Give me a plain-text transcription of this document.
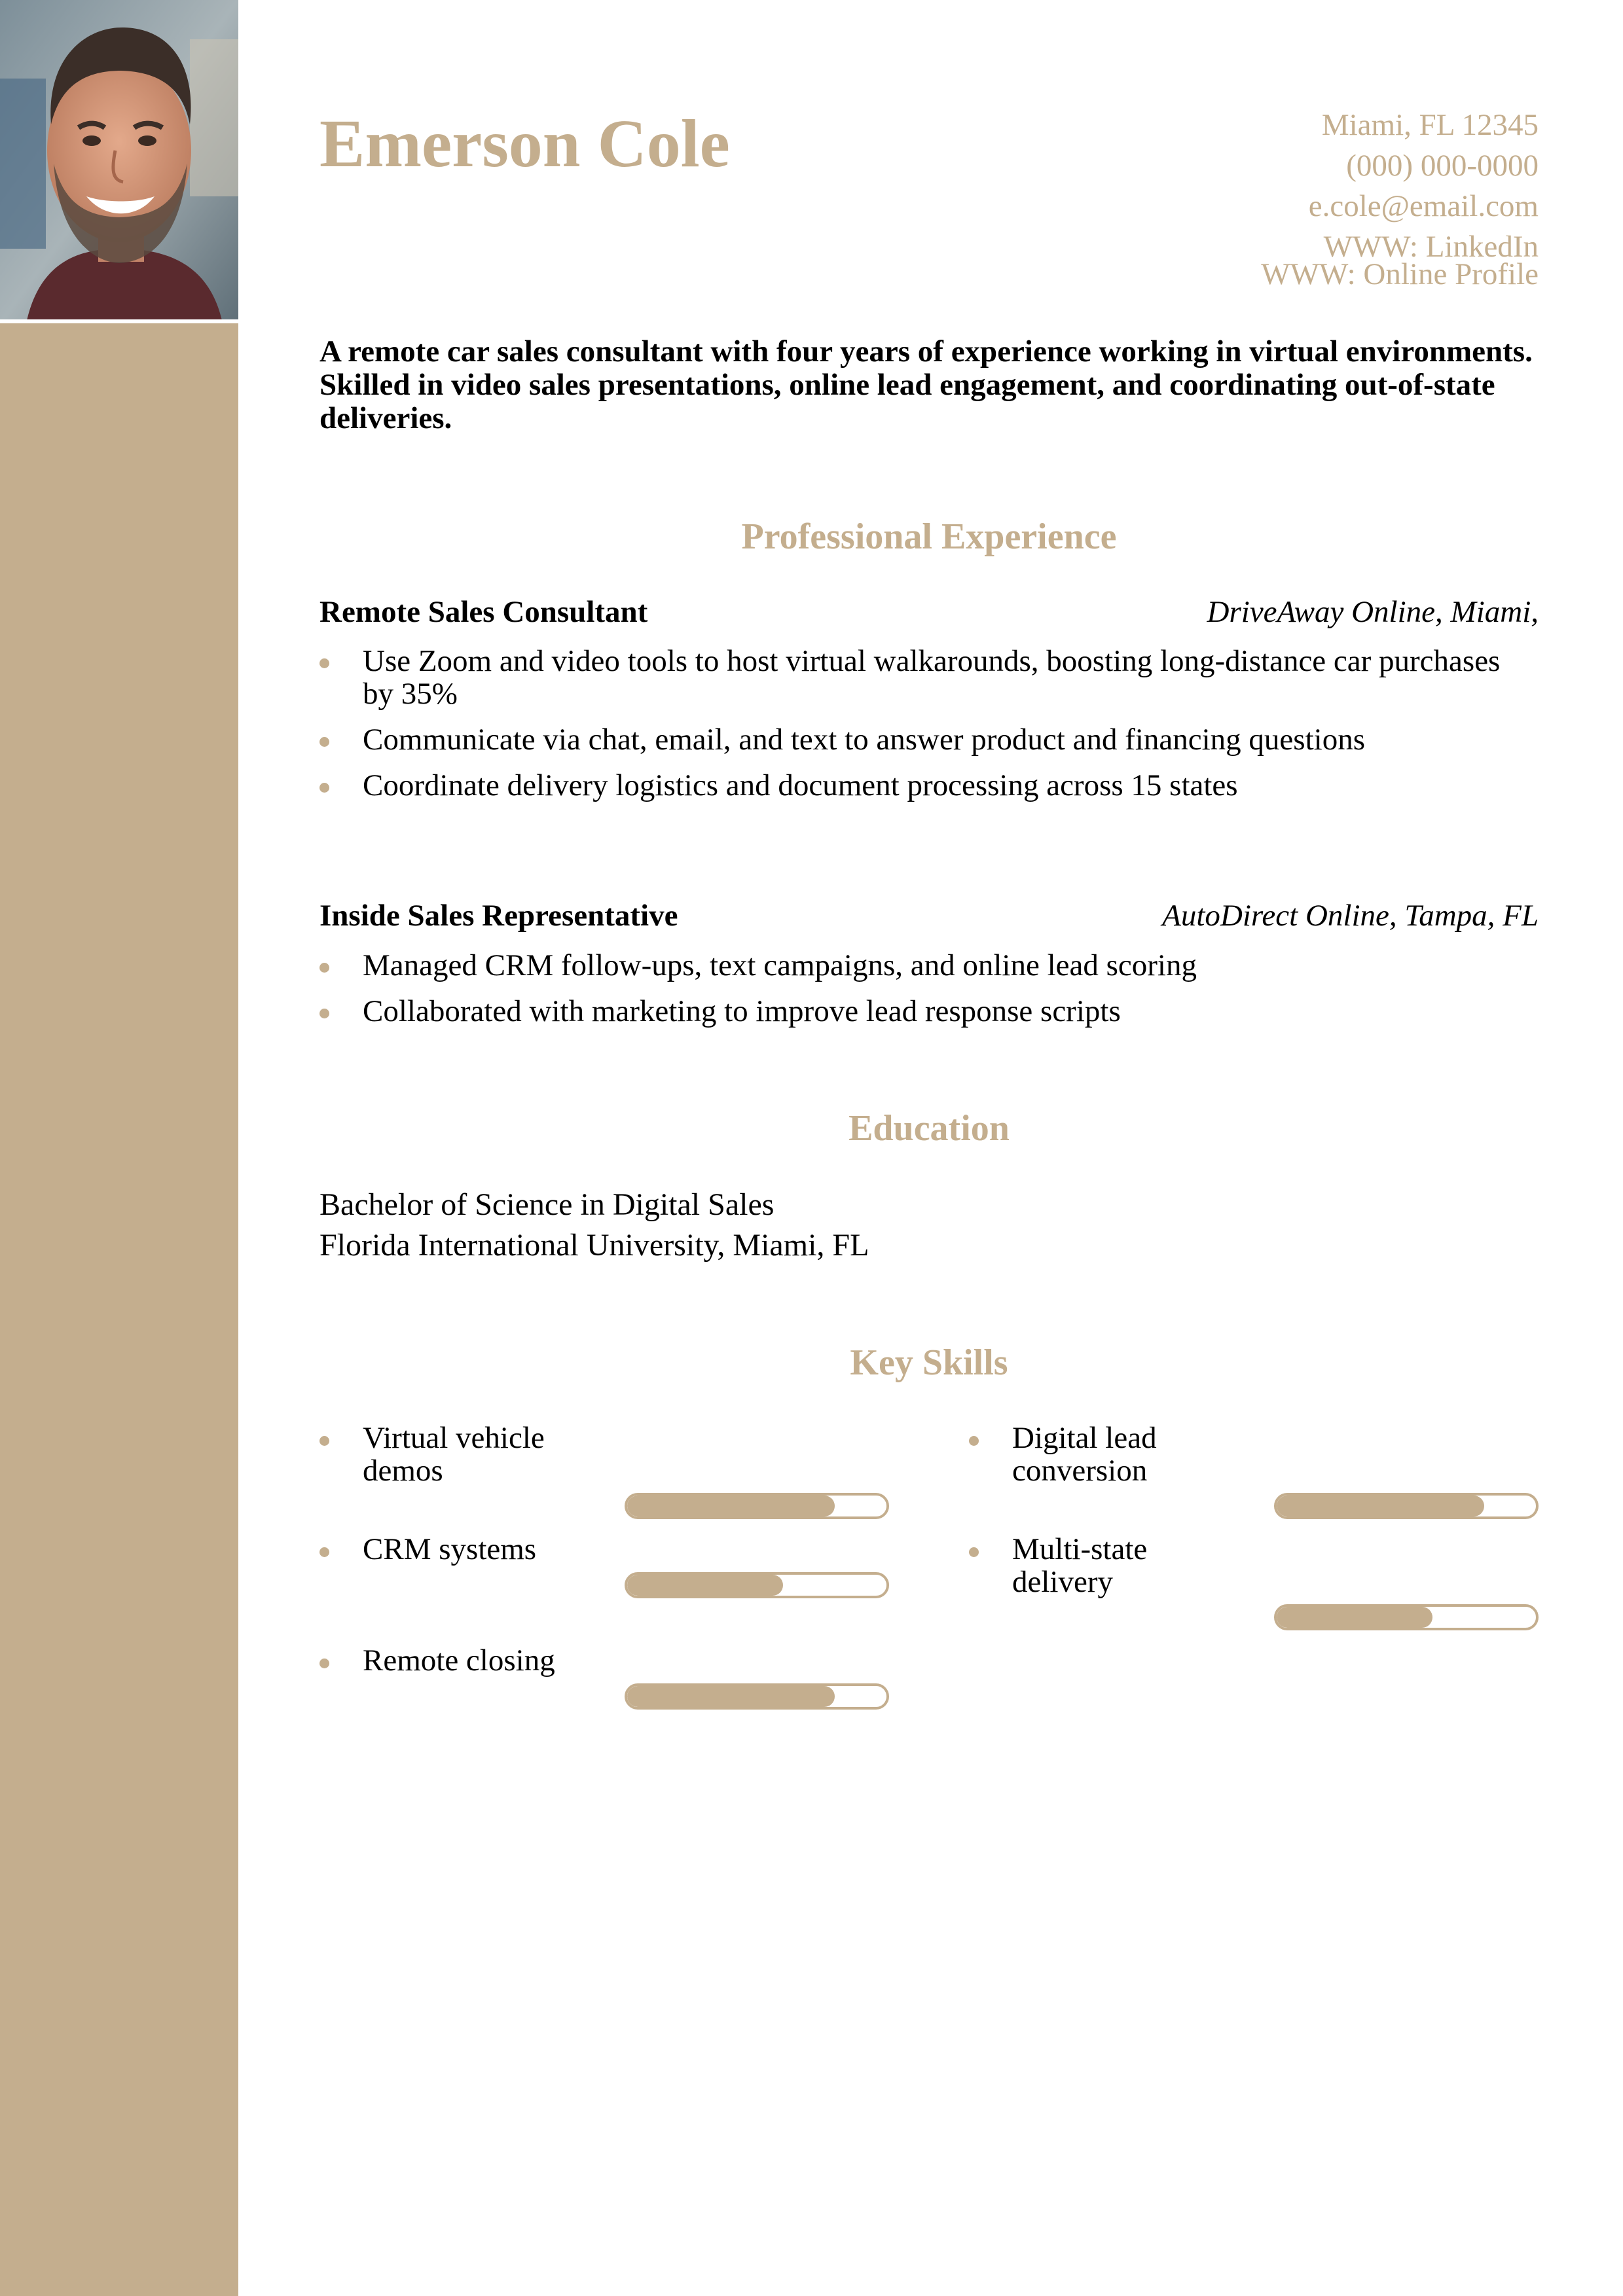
Emerson Cole	Miami, FL 12345
(000) 000-0000
e.cole@email.com
WWW: LinkedIn
WWW: Online Profile

A remote car sales consultant with four years of experience working in virtual environments. Skilled in video sales presentations, online lead engagement, and coordinating out-of-state deliveries.

Professional Experience
Remote Sales Consultant	DriveAway Online, Miami,
Use Zoom and video tools to host virtual walkarounds, boosting long-distance car purchases by 35%
Communicate via chat, email, and text to answer product and financing questions
Coordinate delivery logistics and document processing across 15 states
Inside Sales Representative	AutoDirect Online, Tampa, FL
Managed CRM follow-ups, text campaigns, and online lead scoring
Collaborated with marketing to improve lead response scripts
Education
Bachelor of Science in Digital Sales
Florida International University, Miami, FL
Key Skills
Virtual vehicle demos
Digital lead conversion
CRM systems	Multi-state delivery
Remote closing
